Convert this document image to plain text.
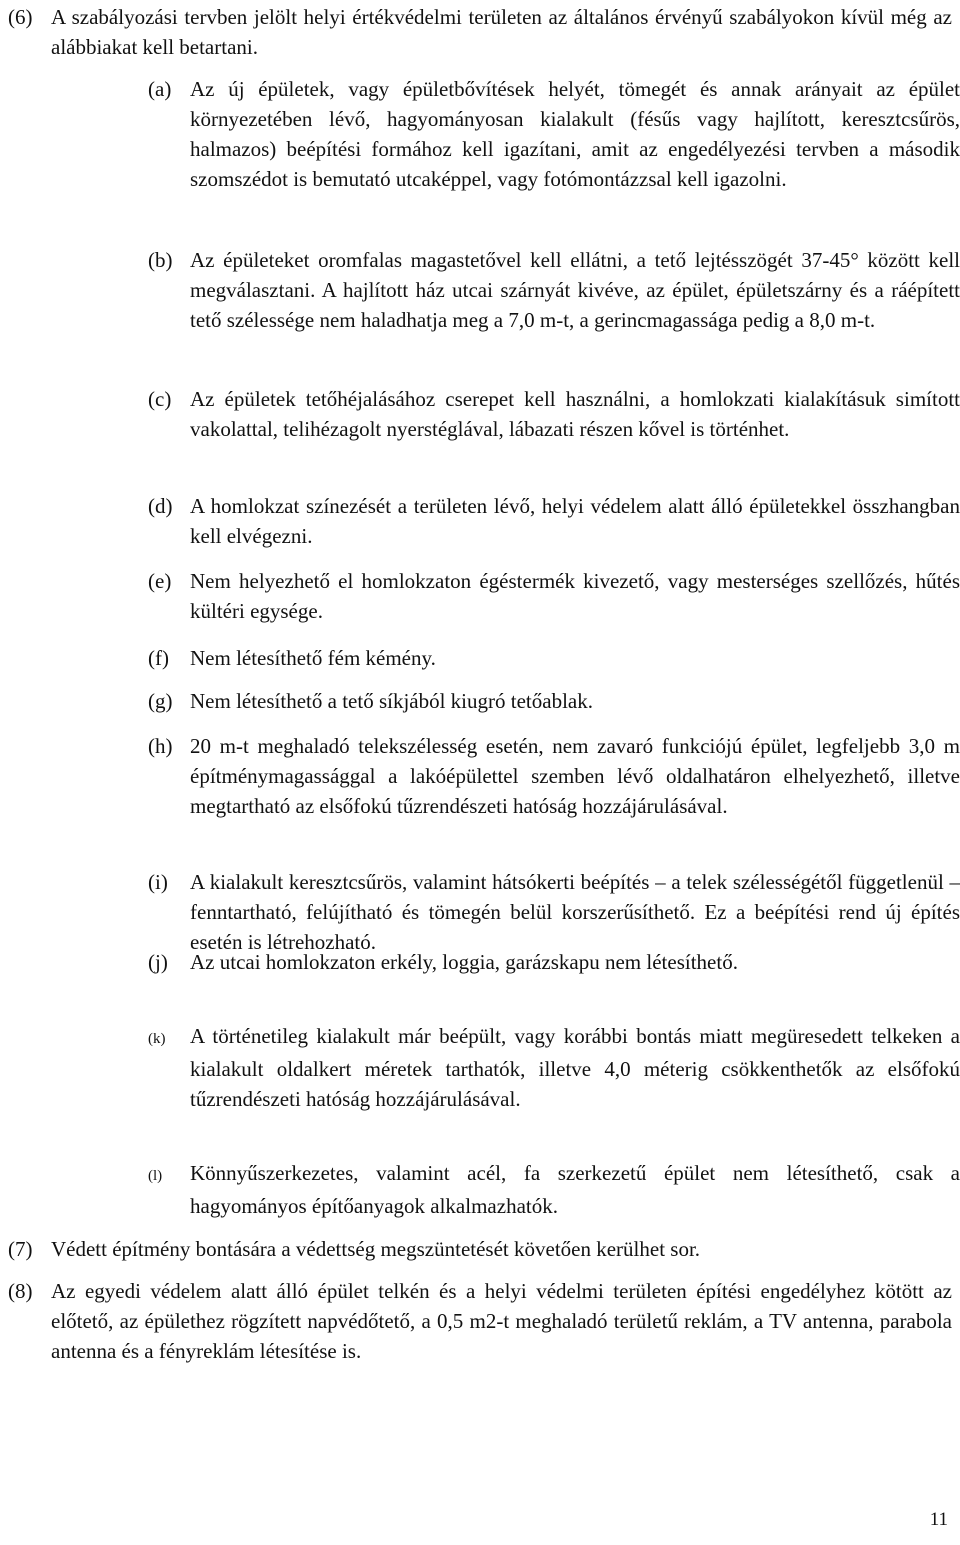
(6) A szabályozási tervben jelölt helyi értékvédelmi területen az általános érvényű szabályokon kívül még az alábbiakat kell betartani.
(a) Az új épületek, vagy épületbővítések helyét, tömegét és annak arányait az épület környezetében lévő, hagyományosan kialakult (fésűs vagy hajlított, keresztcsűrös, halmazos) beépítési formához kell igazítani, amit az engedélyezési tervben a második szomszédot is bemutató utcaképpel, vagy fotómontázzsal kell igazolni.
(b) Az épületeket oromfalas magastetővel kell ellátni, a tető lejtésszögét 37-45° között kell megválasztani. A hajlított ház utcai szárnyát kivéve, az épület, épületszárny és a ráépített tető szélessége nem haladhatja meg a 7,0 m-t, a gerincmagassága pedig a 8,0 m-t.
(c) Az épületek tetőhéjalásához cserepet kell használni, a homlokzati kialakításuk simított vakolattal, telihézagolt nyerstéglával, lábazati részen kővel is történhet.
(d) A homlokzat színezését a területen lévő, helyi védelem alatt álló épületekkel összhangban kell elvégezni.
(e) Nem helyezhető el homlokzaton égéstermék kivezető, vagy mesterséges szellőzés, hűtés kültéri egysége.
(f) Nem létesíthető fém kémény.
(g) Nem létesíthető a tető síkjából kiugró tetőablak.
(h) 20 m-t meghaladó telekszélesség esetén, nem zavaró funkciójú épület, legfeljebb 3,0 m építménymagassággal a lakóépülettel szemben lévő oldalhatáron elhelyezhető, illetve megtartható az elsőfokú tűzrendészeti hatóság hozzájárulásával.
(i) A kialakult keresztcsűrös, valamint hátsókerti beépítés – a telek szélességétől függetlenül – fenntartható, felújítható és tömegén belül korszerűsíthető. Ez a beépítési rend új építés esetén is létrehozható.
(j) Az utcai homlokzaton erkély, loggia, garázskapu nem létesíthető.
(k) A történetileg kialakult már beépült, vagy korábbi bontás miatt megüresedett telkeken a kialakult oldalkert méretek tarthatók, illetve 4,0 méterig csökkenthetők az elsőfokú tűzrendészeti hatóság hozzájárulásával.
(l) Könnyűszerkezetes, valamint acél, fa szerkezetű épület nem létesíthető, csak a hagyományos építőanyagok alkalmazhatók.
(7) Védett építmény bontására a védettség megszüntetését követően kerülhet sor.
(8) Az egyedi védelem alatt álló épület telkén és a helyi védelmi területen építési engedélyhez kötött az előtető, az épülethez rögzített napvédőtető, a 0,5 m2-t meghaladó területű reklám, a TV antenna, parabola antenna és a fényreklám létesítése is.
11
